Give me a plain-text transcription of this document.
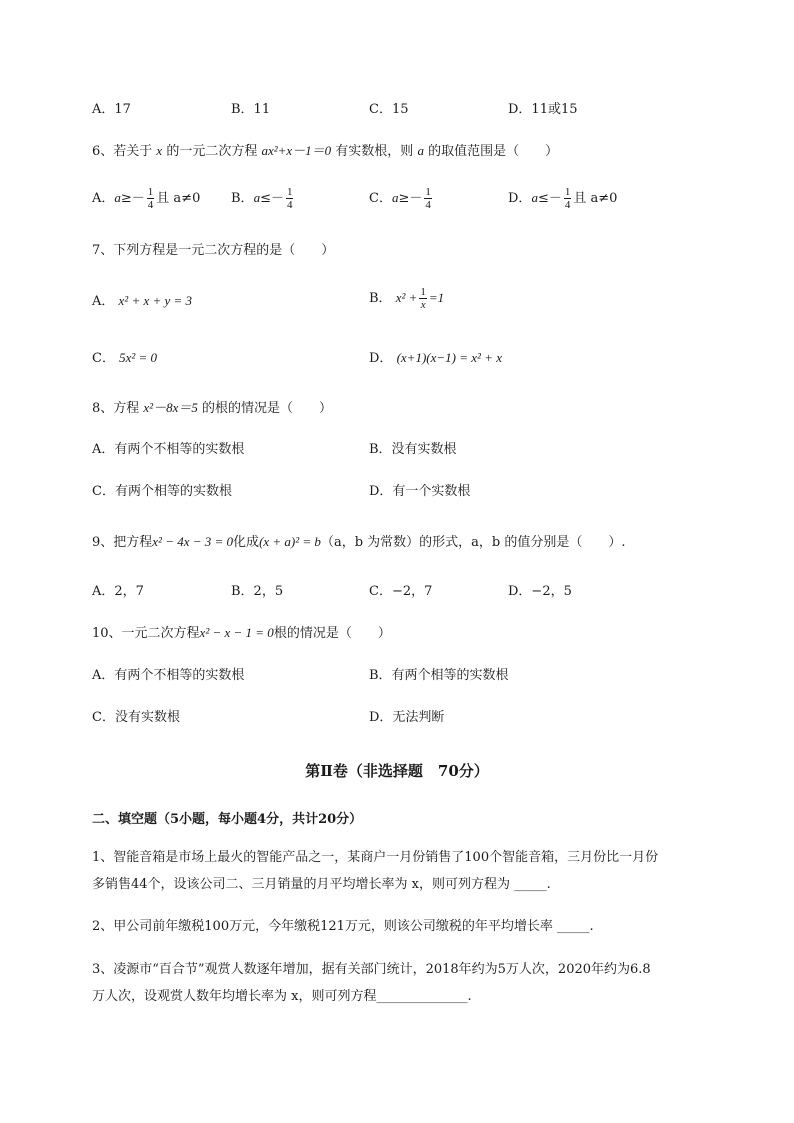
A．17	B．11	C．15	D．11或15
6、若关于 x 的一元二次方程 ax²+x－1＝0 有实数根，则 a 的取值范围是（　　）
A．$a\ge- \frac{1}{4}$ 且 a≠0 B．$a\le- \frac{1}{4}$	C．$a\ge- \frac{1}{4}$	D．$a\le- \frac{1}{4}$ 且 a≠0
7、下列方程是一元二次方程的是（　　）
A． x² + x + y = 3	B． $x^2 + \frac{1}{x} =1$
C． 5x² = 0	D． (x+1)(x−1) = x² + x
8、方程 x²－8x＝5 的根的情况是（　　）
A．有两个不相等的实数根	B．没有实数根
C．有两个相等的实数根	D．有一个实数根
9、把方程x² − 4x − 3 = 0化成(x + a)² = b（a，b 为常数）的形式，a，b 的值分别是（　　）.
A．2，7	B．2，5	C．−2，7	D．−2，5
10、一元二次方程x² − x − 1 = 0根的情况是（　　）
A．有两个不相等的实数根	B．有两个相等的实数根
C．没有实数根	D．无法判断
第Ⅱ卷（非选择题　70分）
二、填空题（5小题，每小题4分，共计20分）
1、智能音箱是市场上最火的智能产品之一，某商户一月份销售了100个智能音箱，三月份比一月份
多销售44个，设该公司二、三月销量的月平均增长率为 x，则可列方程为 _____.
2、甲公司前年缴税100万元，今年缴税121万元，则该公司缴税的年平均增长率 _____.
3、凌源市“百合节”观赏人数逐年增加，据有关部门统计，2018年约为5万人次，2020年约为6.8
万人次，设观赏人数年均增长率为 x，则可列方程______________.
